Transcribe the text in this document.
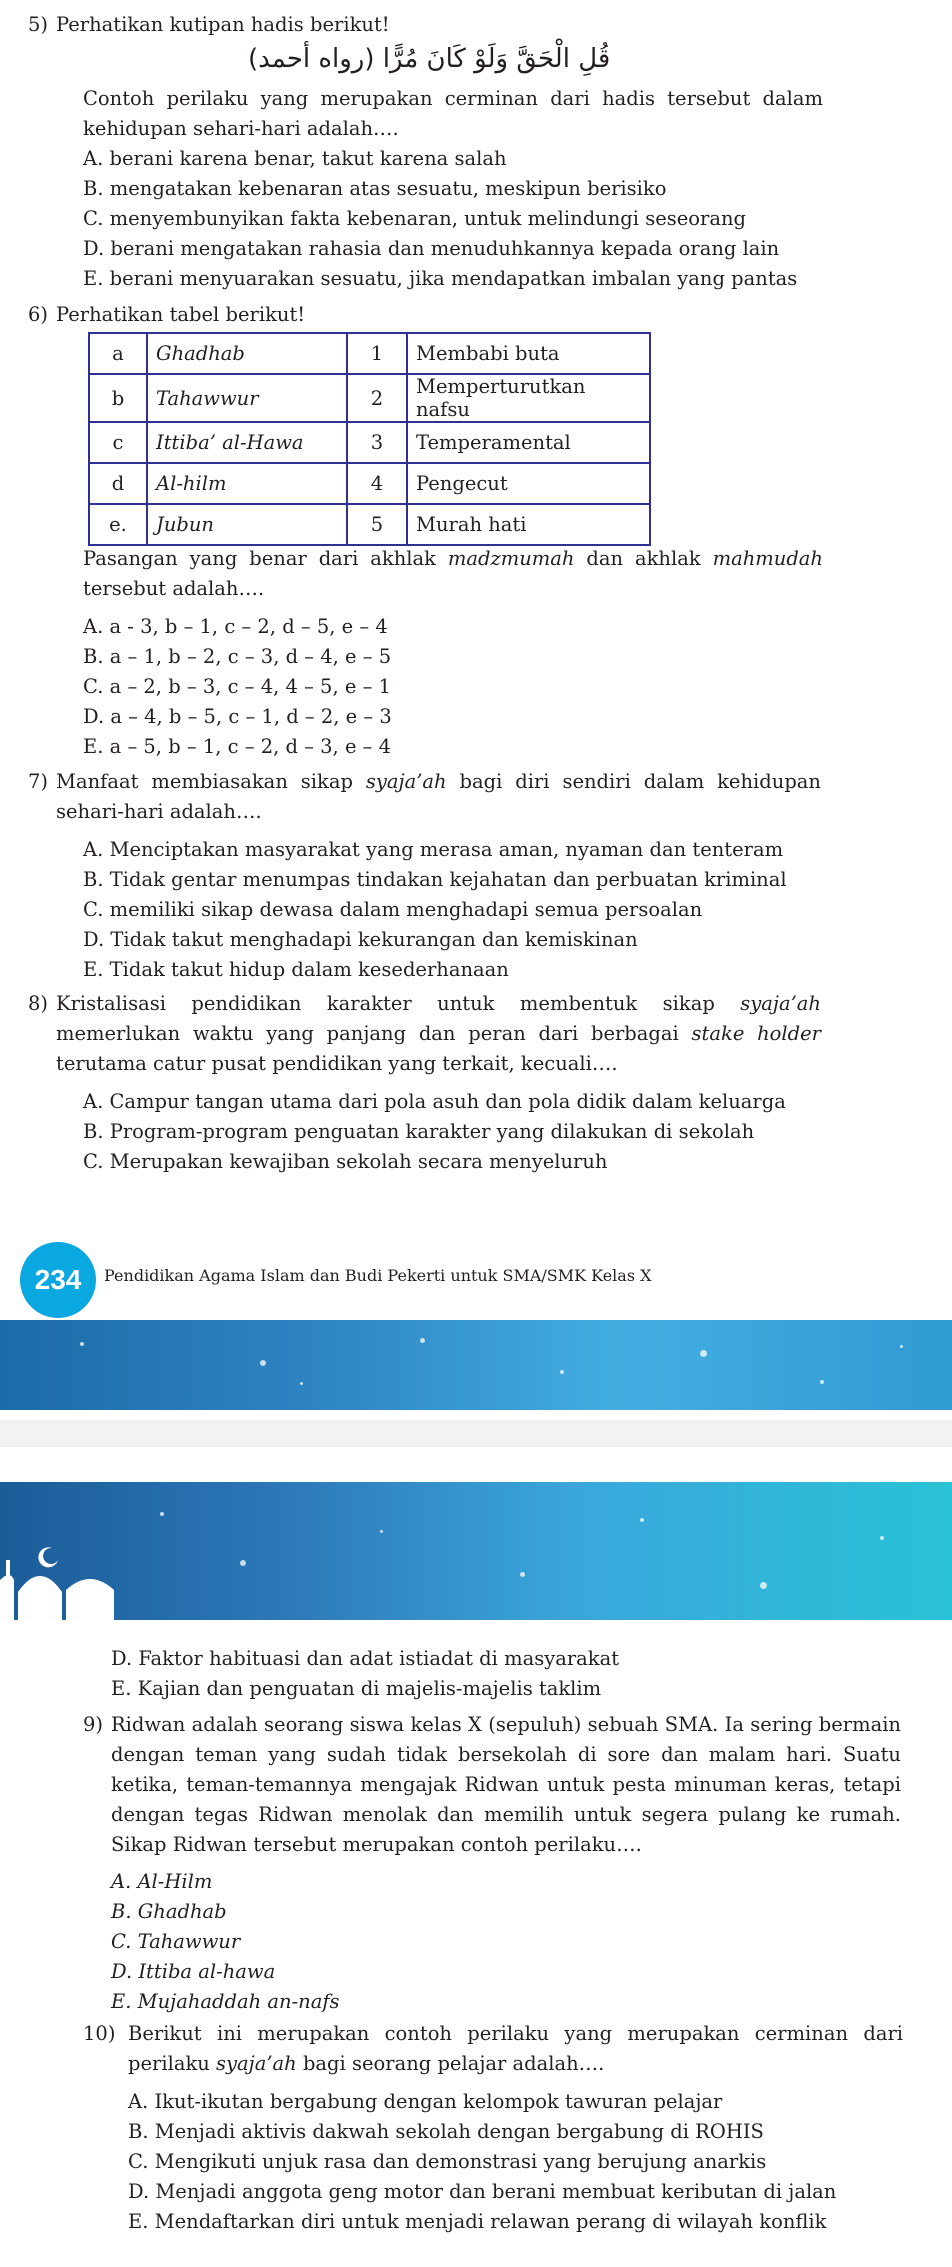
5) Perhatikan kutipan hadis berikut!
قُلِ الْحَقَّ وَلَوْ كَانَ مُرًّا (رواه أحمد)
Contoh perilaku yang merupakan cerminan dari hadis tersebut dalam kehidupan sehari-hari adalah….
A. berani karena benar, takut karena salah
B. mengatakan kebenaran atas sesuatu, meskipun berisiko
C. menyembunyikan fakta kebenaran, untuk melindungi seseorang
D. berani mengatakan rahasia dan menuduhkannya kepada orang lain
E. berani menyuarakan sesuatu, jika mendapatkan imbalan yang pantas
6) Perhatikan tabel berikut!
a	Ghadhab	1	Membabi buta
b	Tahawwur	2	Memperturutkan nafsu
c	Ittiba’ al-Hawa	3	Temperamental
d	Al-hilm	4	Pengecut
e.	Jubun	5	Murah hati
Pasangan yang benar dari akhlak madzmumah dan akhlak mahmudah tersebut adalah….
A. a - 3, b – 1, c – 2, d – 5, e – 4
B. a – 1, b – 2, c – 3, d – 4, e – 5
C. a – 2, b – 3, c – 4, 4 – 5, e – 1
D. a – 4, b – 5, c – 1, d – 2, e – 3
E. a – 5, b – 1, c – 2, d – 3, e – 4
7) Manfaat membiasakan sikap syaja’ah bagi diri sendiri dalam kehidupan sehari-hari adalah….
A. Menciptakan masyarakat yang merasa aman, nyaman dan tenteram
B. Tidak gentar menumpas tindakan kejahatan dan perbuatan kriminal
C. memiliki sikap dewasa dalam menghadapi semua persoalan
D. Tidak takut menghadapi kekurangan dan kemiskinan
E. Tidak takut hidup dalam kesederhanaan
8) Kristalisasi pendidikan karakter untuk membentuk sikap syaja’ah memerlukan waktu yang panjang dan peran dari berbagai stake holder terutama catur pusat pendidikan yang terkait, kecuali….
A. Campur tangan utama dari pola asuh dan pola didik dalam keluarga
B. Program-program penguatan karakter yang dilakukan di sekolah
C. Merupakan kewajiban sekolah secara menyeluruh
234	Pendidikan Agama Islam dan Budi Pekerti untuk SMA/SMK Kelas X
D. Faktor habituasi dan adat istiadat di masyarakat
E. Kajian dan penguatan di majelis-majelis taklim
9) Ridwan adalah seorang siswa kelas X (sepuluh) sebuah SMA. Ia sering bermain dengan teman yang sudah tidak bersekolah di sore dan malam hari. Suatu ketika, teman-temannya mengajak Ridwan untuk pesta minuman keras, tetapi dengan tegas Ridwan menolak dan memilih untuk segera pulang ke rumah. Sikap Ridwan tersebut merupakan contoh perilaku….
A. Al-Hilm
B. Ghadhab
C. Tahawwur
D. Ittiba al-hawa
E. Mujahaddah an-nafs
10) Berikut ini merupakan contoh perilaku yang merupakan cerminan dari perilaku syaja’ah bagi seorang pelajar adalah….
A. Ikut-ikutan bergabung dengan kelompok tawuran pelajar
B. Menjadi aktivis dakwah sekolah dengan bergabung di ROHIS
C. Mengikuti unjuk rasa dan demonstrasi yang berujung anarkis
D. Menjadi anggota geng motor dan berani membuat keributan di jalan
E. Mendaftarkan diri untuk menjadi relawan perang di wilayah konflik
